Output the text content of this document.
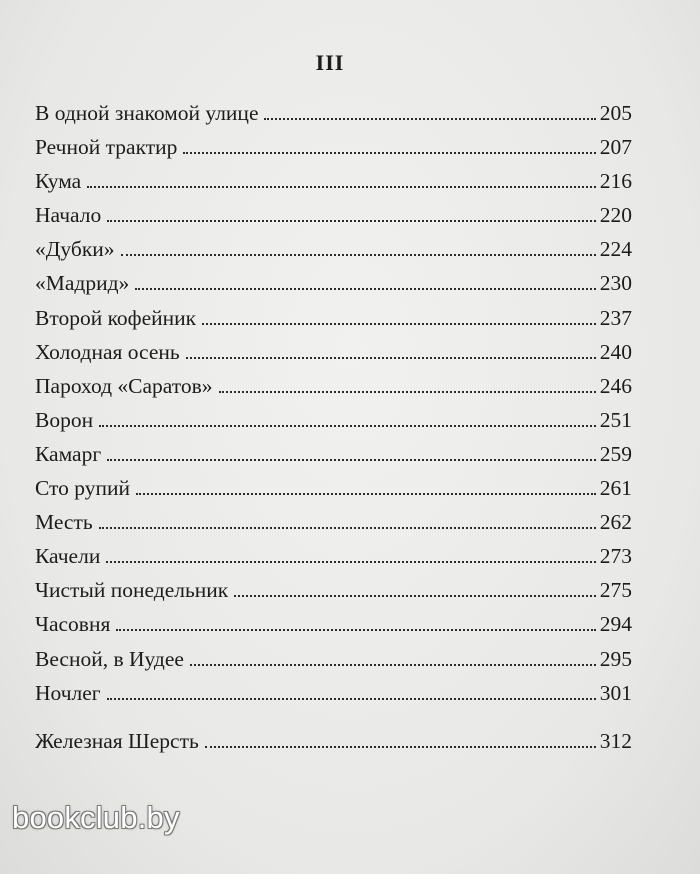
III
В одной знакомой улице	205
Речной трактир	207
Кума	216
Начало	220
«Дубки»	224
«Мадрид»	230
Второй кофейник	237
Холодная осень	240
Пароход «Саратов»	246
Ворон	251
Камарг	259
Сто рупий	261
Месть	262
Качели	273
Чистый понедельник	275
Часовня	294
Весной, в Иудее	295
Ночлег	301
Железная Шерсть	312
bookclub.by
